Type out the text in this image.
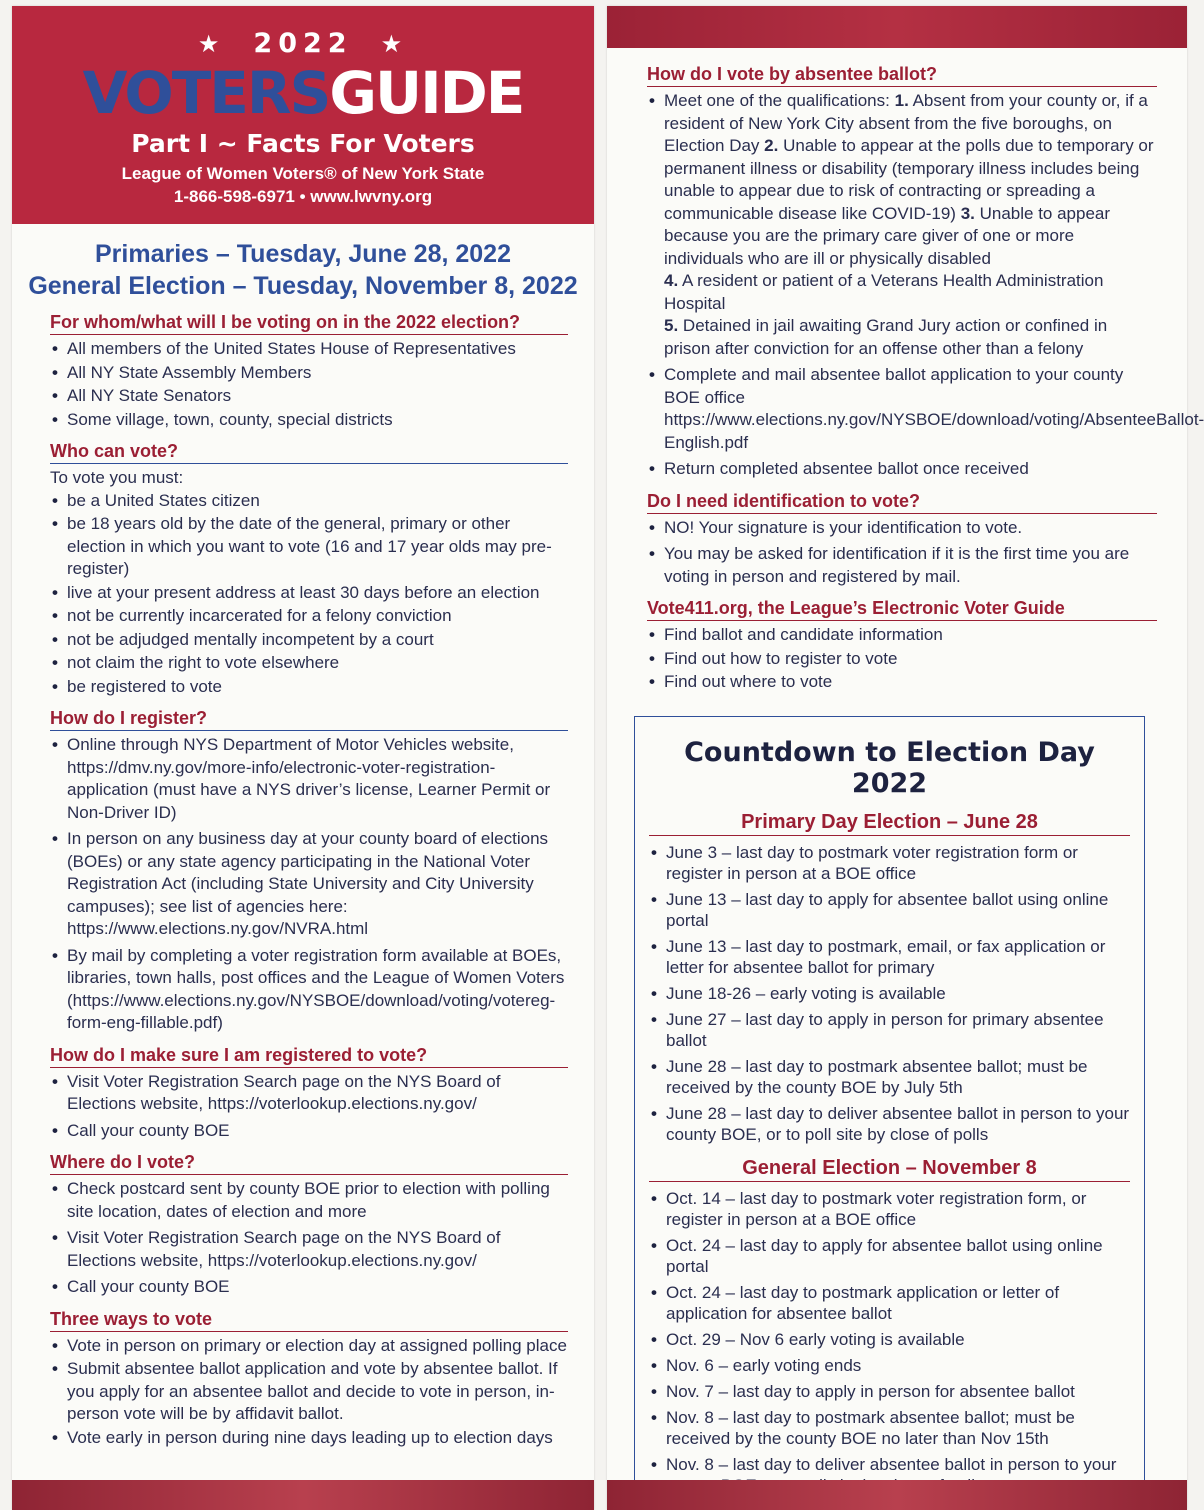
★ 2022 ★
VOTERSGUIDE
Part I ~ Facts For Voters
League of Women Voters® of New York State
1-866-598-6971 • www.lwvny.org
Primaries – Tuesday, June 28, 2022
General Election – Tuesday, November 8, 2022
For whom/what will I be voting on in the 2022 election?
• All members of the United States House of Representatives
• All NY State Assembly Members
• All NY State Senators
• Some village, town, county, special districts
Who can vote?
To vote you must:
• be a United States citizen
• be 18 years old by the date of the general, primary or other election in which you want to vote (16 and 17 year olds may pre-register)
• live at your present address at least 30 days before an election
• not be currently incarcerated for a felony conviction
• not be adjudged mentally incompetent by a court
• not claim the right to vote elsewhere
• be registered to vote
How do I register?
• Online through NYS Department of Motor Vehicles website, https://dmv.ny.gov/more-info/electronic-voter-registration-application (must have a NYS driver’s license, Learner Permit or Non-Driver ID)
• In person on any business day at your county board of elections (BOEs) or any state agency participating in the National Voter Registration Act (including State University and City University campuses); see list of agencies here: https://www.elections.ny.gov/NVRA.html
• By mail by completing a voter registration form available at BOEs, libraries, town halls, post offices and the League of Women Voters (https://www.elections.ny.gov/NYSBOE/download/voting/votereg-form-eng-fillable.pdf)
How do I make sure I am registered to vote?
• Visit Voter Registration Search page on the NYS Board of Elections website, https://voterlookup.elections.ny.gov/
• Call your county BOE
Where do I vote?
• Check postcard sent by county BOE prior to election with polling site location, dates of election and more
• Visit Voter Registration Search page on the NYS Board of Elections website, https://voterlookup.elections.ny.gov/
• Call your county BOE
Three ways to vote
• Vote in person on primary or election day at assigned polling place
• Submit absentee ballot application and vote by absentee ballot. If you apply for an absentee ballot and decide to vote in person, in-person vote will be by affidavit ballot.
• Vote early in person during nine days leading up to election days
How do I vote by absentee ballot?
• Meet one of the qualifications: 1. Absent from your county or, if a resident of New York City absent from the five boroughs, on Election Day 2. Unable to appear at the polls due to temporary or permanent illness or disability (temporary illness includes being unable to appear due to risk of contracting or spreading a communicable disease like COVID-19) 3. Unable to appear because you are the primary care giver of one or more individuals who are ill or physically disabled
4. A resident or patient of a Veterans Health Administration Hospital
5. Detained in jail awaiting Grand Jury action or confined in prison after conviction for an offense other than a felony
• Complete and mail absentee ballot application to your county BOE office https://www.elections.ny.gov/NYSBOE/download/voting/AbsenteeBallot-English.pdf
• Return completed absentee ballot once received
Do I need identification to vote?
• NO! Your signature is your identification to vote.
• You may be asked for identification if it is the first time you are voting in person and registered by mail.
Vote411.org, the League’s Electronic Voter Guide
• Find ballot and candidate information
• Find out how to register to vote
• Find out where to vote
Countdown to Election Day 2022
Primary Day Election – June 28
• June 3 – last day to postmark voter registration form or register in person at a BOE office
• June 13 – last day to apply for absentee ballot using online portal
• June 13 – last day to postmark, email, or fax application or letter for absentee ballot for primary
• June 18-26 – early voting is available
• June 27 – last day to apply in person for primary absentee ballot
• June 28 – last day to postmark absentee ballot; must be received by the county BOE by July 5th
• June 28 – last day to deliver absentee ballot in person to your county BOE, or to poll site by close of polls
General Election – November 8
• Oct. 14 – last day to postmark voter registration form, or register in person at a BOE office
• Oct. 24 – last day to apply for absentee ballot using online portal
• Oct. 24 – last day to postmark application or letter of application for absentee ballot
• Oct. 29 – Nov 6 early voting is available
• Nov. 6 – early voting ends
• Nov. 7 – last day to apply in person for absentee ballot
• Nov. 8 – last day to postmark absentee ballot; must be received by the county BOE no later than Nov 15th
• Nov. 8 – last day to deliver absentee ballot in person to your
